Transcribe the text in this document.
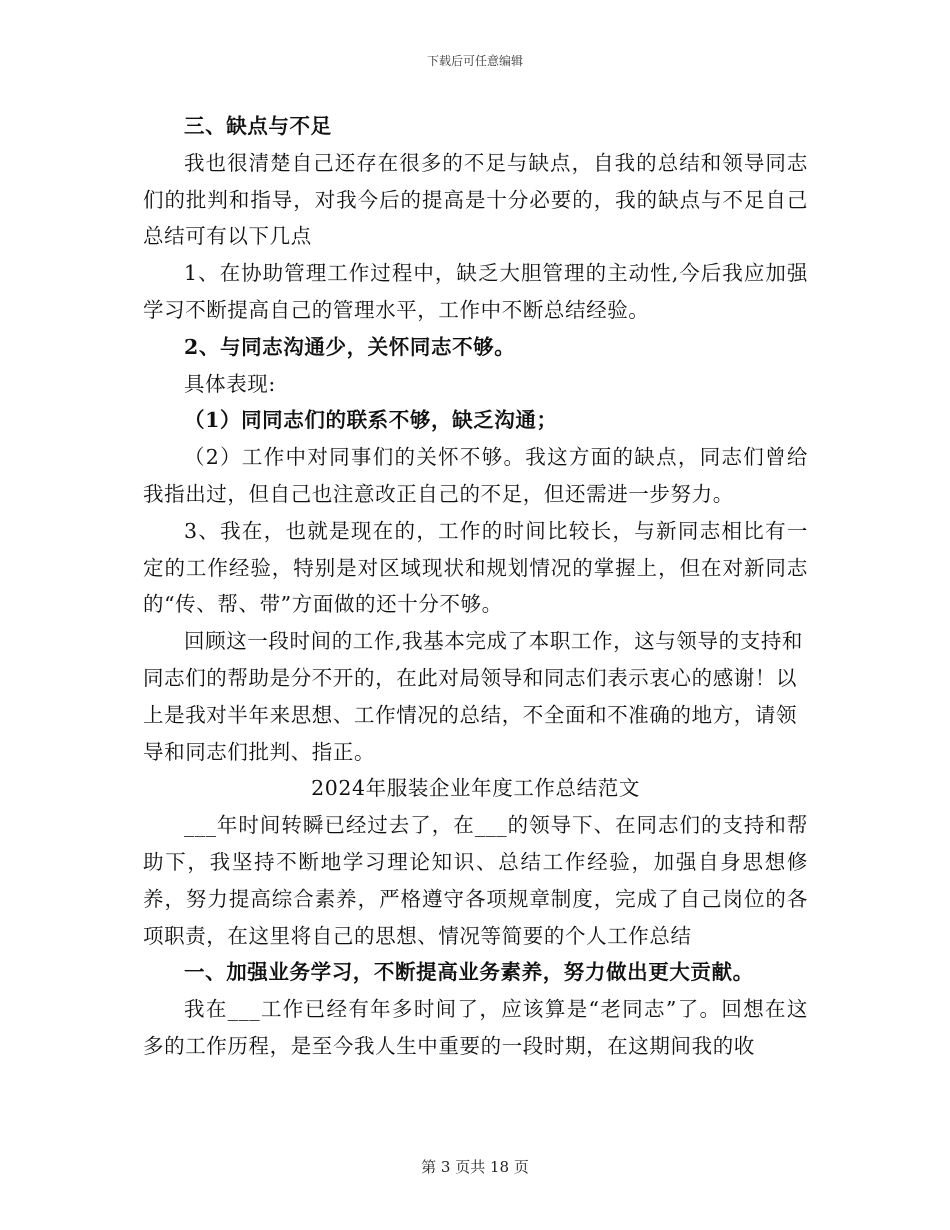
下载后可任意编辑

三、缺点与不足

我也很清楚自己还存在很多的不足与缺点，自我的总结和领导同志们的批判和指导，对我今后的提高是十分必要的，我的缺点与不足自己总结可有以下几点

1、在协助管理工作过程中，缺乏大胆管理的主动性,今后我应加强学习不断提高自己的管理水平，工作中不断总结经验。

2、与同志沟通少，关怀同志不够。

具体表现:

（1）同同志们的联系不够，缺乏沟通；

（2）工作中对同事们的关怀不够。我这方面的缺点，同志们曾给我指出过，但自己也注意改正自己的不足，但还需进一步努力。

3、我在，也就是现在的，工作的时间比较长，与新同志相比有一定的工作经验，特别是对区域现状和规划情况的掌握上，但在对新同志的“传、帮、带”方面做的还十分不够。

回顾这一段时间的工作,我基本完成了本职工作，这与领导的支持和同志们的帮助是分不开的，在此对局领导和同志们表示衷心的感谢！以上是我对半年来思想、工作情况的总结，不全面和不准确的地方，请领导和同志们批判、指正。

2024年服装企业年度工作总结范文

___年时间转瞬已经过去了，在___的领导下、在同志们的支持和帮助下，我坚持不断地学习理论知识、总结工作经验，加强自身思想修养，努力提高综合素养，严格遵守各项规章制度，完成了自己岗位的各项职责，在这里将自己的思想、情况等简要的个人工作总结

一、加强业务学习，不断提高业务素养，努力做出更大贡献。

我在___工作已经有年多时间了，应该算是“老同志”了。回想在这多的工作历程，是至今我人生中重要的一段时期，在这期间我的收

第 3 页共 18 页
